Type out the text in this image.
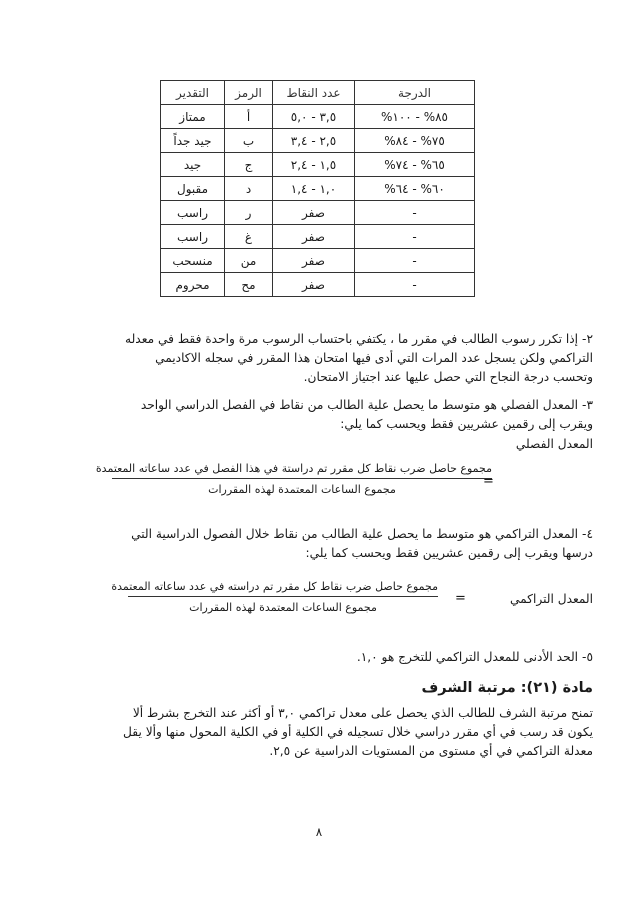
الدرجة	عدد النقاط	الرمز	التقدير
٨٥% - ١٠٠%	٣,٥ - ٥,٠	أ	ممتاز
٧٥% - ٨٤%	٢,٥ - ٣,٤	ب	جيد جداً
٦٥% - ٧٤%	١,٥ - ٢,٤	ج	جيد
٦٠% - ٦٤%	١,٠ - ١,٤	د	مقبول
-	صفر	ر	راسب
-	صفر	غ	راسب
-	صفر	من	منسحب
-	صفر	مح	محروم
٢-

إذا تكرر رسوب الطالب في مقرر ما ، يكتفي باحتساب الرسوب مرة واحدة فقط في معدله

التراكمي ولكن يسجل عدد المرات التي أدى فيها امتحان هذا المقرر في سجله الاكاديمي

وتحسب درجة النجاح التي حصل عليها عند اجتياز الامتحان.

٣-

المعدل الفصلي هو متوسط ما يحصل علية الطالب من نقاط في الفصل الدراسي الواحد

ويقرب إلى رقمين عشريين فقط ويحسب كما يلي:

المعدل الفصلي
مجموع حاصل ضرب نقاط كل مقرر تم دراستة في هذا الفصل في عدد ساعاته المعتمدة
مجموع الساعات المعتمدة لهذه المقررات
=
٤-

المعدل التراكمي هو متوسط ما يحصل علية الطالب من نقاط خلال الفصول الدراسية التي

درسها ويقرب إلى رقمين عشريين فقط ويحسب كما يلي:

مجموع حاصل ضرب نقاط كل مقرر تم دراسته في عدد ساعاته المعتمدة
مجموع الساعات المعتمدة لهذه المقررات
=	المعدل التراكمي
٥-

الحد الأدنى للمعدل التراكمي للتخرج هو ١,٠.

مادة (٢١): مرتبة الشرف

تمنح مرتبة الشرف للطالب الذي يحصل على معدل تراكمي ٣,٠ أو أكثر عند التخرج بشرط ألا

يكون قد رسب في أي مقرر دراسي خلال تسجيله في الكلية أو في الكلية المحول منها وألا يقل

معدلة التراكمي في أي مستوى من المستويات الدراسية عن ٢,٥.

٨
